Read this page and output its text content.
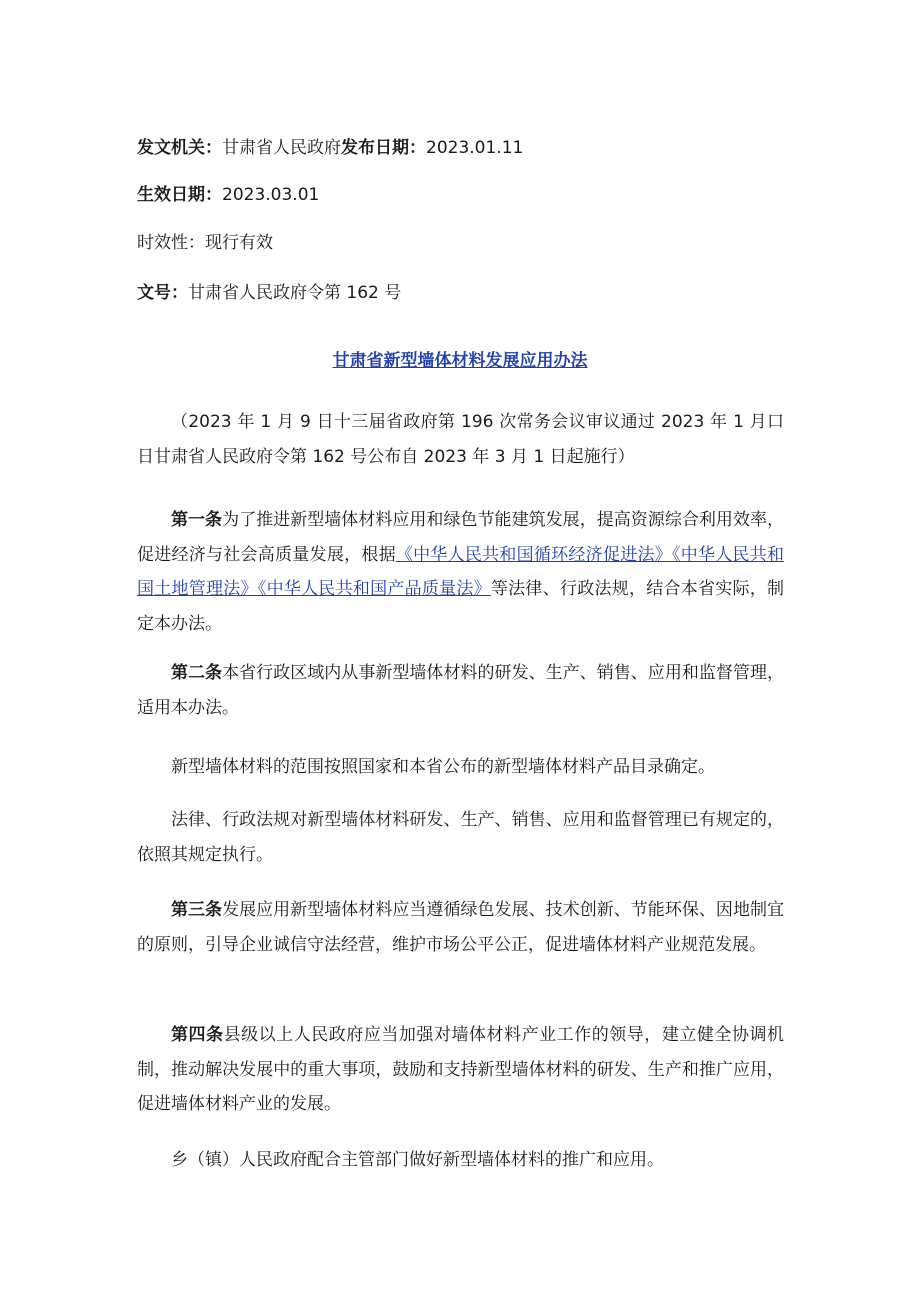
发文机关：甘肃省人民政府发布日期：2023.01.11
生效日期：2023.03.01
时效性：现行有效
文号：甘肃省人民政府令第 162 号
甘肃省新型墙体材料发展应用办法
（2023 年 1 月 9 日十三届省政府第 196 次常务会议审议通过 2023 年 1 月口日甘肃省人民政府令第 162 号公布自 2023 年 3 月 1 日起施行）
第一条为了推进新型墙体材料应用和绿色节能建筑发展，提高资源综合利用效率，促进经济与社会高质量发展，根据《中华人民共和国循环经济促进法》《中华人民共和国土地管理法》《中华人民共和国产品质量法》等法律、行政法规，结合本省实际，制定本办法。
第二条本省行政区域内从事新型墙体材料的研发、生产、销售、应用和监督管理，适用本办法。
新型墙体材料的范围按照国家和本省公布的新型墙体材料产品目录确定。
法律、行政法规对新型墙体材料研发、生产、销售、应用和监督管理已有规定的，依照其规定执行。
第三条发展应用新型墙体材料应当遵循绿色发展、技术创新、节能环保、因地制宜的原则，引导企业诚信守法经营，维护市场公平公正，促进墙体材料产业规范发展。
第四条县级以上人民政府应当加强对墙体材料产业工作的领导，建立健全协调机制，推动解决发展中的重大事项，鼓励和支持新型墙体材料的研发、生产和推广应用，促进墙体材料产业的发展。
乡（镇）人民政府配合主管部门做好新型墙体材料的推广和应用。
